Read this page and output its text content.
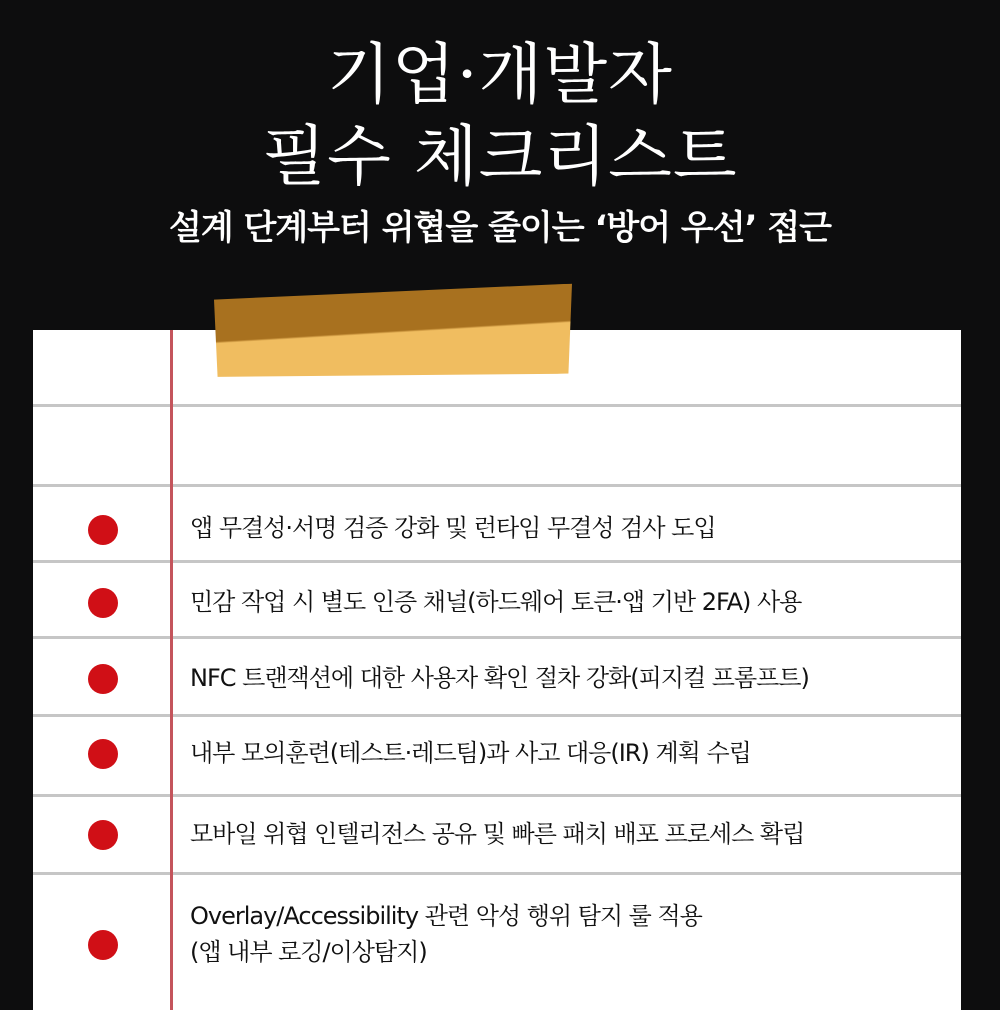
기업·개발자
필수 체크리스트

설계 단계부터 위협을 줄이는 ‘방어 우선’ 접근

앱 무결성·서명 검증 강화 및 런타임 무결성 검사 도입
민감 작업 시 별도 인증 채널(하드웨어 토큰·앱 기반 2FA) 사용
NFC 트랜잭션에 대한 사용자 확인 절차 강화(피지컬 프롬프트)
내부 모의훈련(테스트·레드팀)과 사고 대응(IR) 계획 수립
모바일 위협 인텔리전스 공유 및 빠른 패치 배포 프로세스 확립
Overlay/Accessibility 관련 악성 행위 탐지 룰 적용
(앱 내부 로깅/이상탐지)
